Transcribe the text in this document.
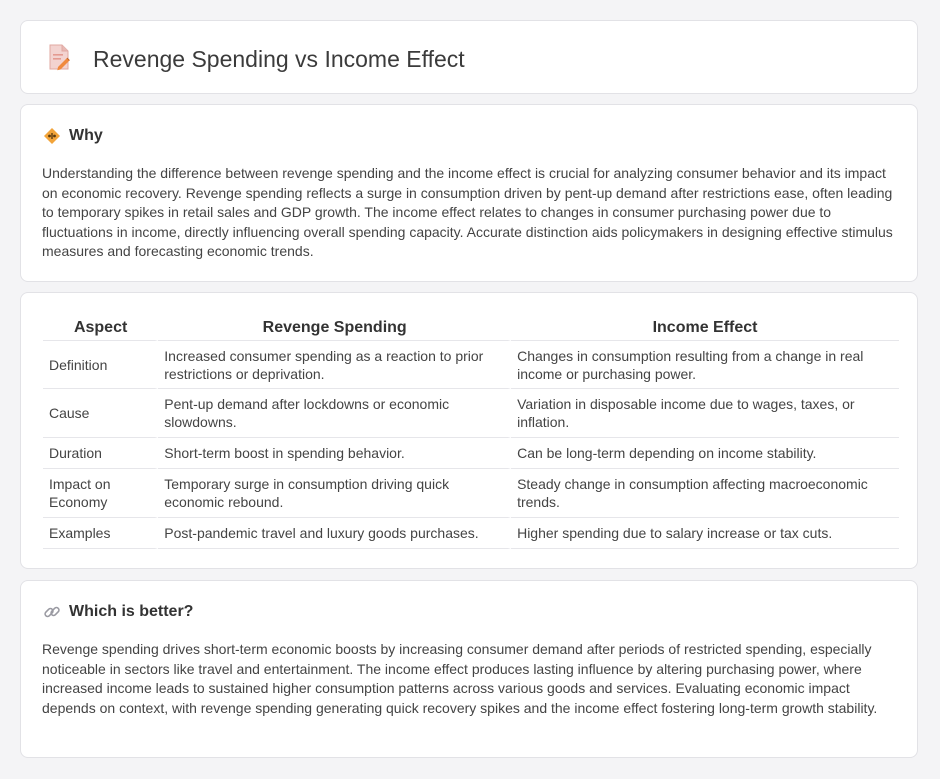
Revenge Spending vs Income Effect
Why

Understanding the difference between revenge spending and the income effect is crucial for analyzing consumer behavior and its impact on economic recovery. Revenge spending reflects a surge in consumption driven by pent-up demand after restrictions ease, often leading to temporary spikes in retail sales and GDP growth. The income effect relates to changes in consumer purchasing power due to fluctuations in income, directly influencing overall spending capacity. Accurate distinction aids policymakers in designing effective stimulus measures and forecasting economic trends.

Aspect	Revenge Spending	Income Effect
Definition	Increased consumer spending as a reaction to prior restrictions or deprivation.	Changes in consumption resulting from a change in real income or purchasing power.
Cause	Pent-up demand after lockdowns or economic slowdowns.	Variation in disposable income due to wages, taxes, or inflation.
Duration	Short-term boost in spending behavior.	Can be long-term depending on income stability.
Impact on Economy	Temporary surge in consumption driving quick economic rebound.	Steady change in consumption affecting macroeconomic trends.
Examples	Post-pandemic travel and luxury goods purchases.	Higher spending due to salary increase or tax cuts.
Which is better?

Revenge spending drives short-term economic boosts by increasing consumer demand after periods of restricted spending, especially noticeable in sectors like travel and entertainment. The income effect produces lasting influence by altering purchasing power, where increased income leads to sustained higher consumption patterns across various goods and services. Evaluating economic impact depends on context, with revenge spending generating quick recovery spikes and the income effect fostering long-term growth stability.
